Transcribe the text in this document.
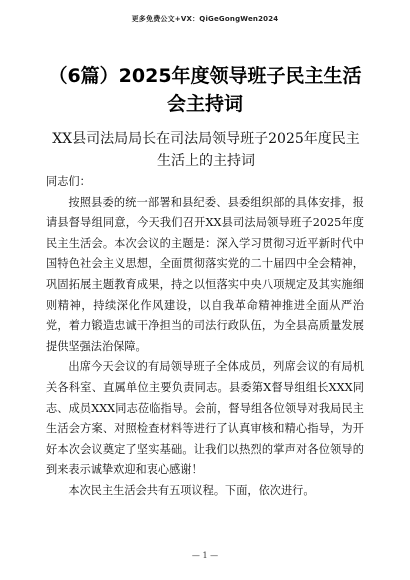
更多免费公文+VX：QiGeGongWen2024
（6篇）2025年度领导班子民主生活会主持词
XX县司法局局长在司法局领导班子2025年度民主生活上的主持词

同志们：

按照县委的统一部署和县纪委、县委组织部的具体安排，报请县督导组同意，今天我们召开XX县司法局领导班子2025年度民主生活会。本次会议的主题是：深入学习贯彻习近平新时代中国特色社会主义思想，全面贯彻落实党的二十届四中全会精神，巩固拓展主题教育成果，持之以恒落实中央八项规定及其实施细则精神，持续深化作风建设，以自我革命精神推进全面从严治党，着力锻造忠诚干净担当的司法行政队伍，为全县高质量发展提供坚强法治保障。

出席今天会议的有局领导班子全体成员，列席会议的有局机关各科室、直属单位主要负责同志。县委第X督导组组长XXX同志、成员XXX同志莅临指导。会前，督导组各位领导对我局民主生活会方案、对照检查材料等进行了认真审核和精心指导，为开好本次会议奠定了坚实基础。让我们以热烈的掌声对各位领导的到来表示诚挚欢迎和衷心感谢！

本次民主生活会共有五项议程。下面，依次进行。

— 1 —
